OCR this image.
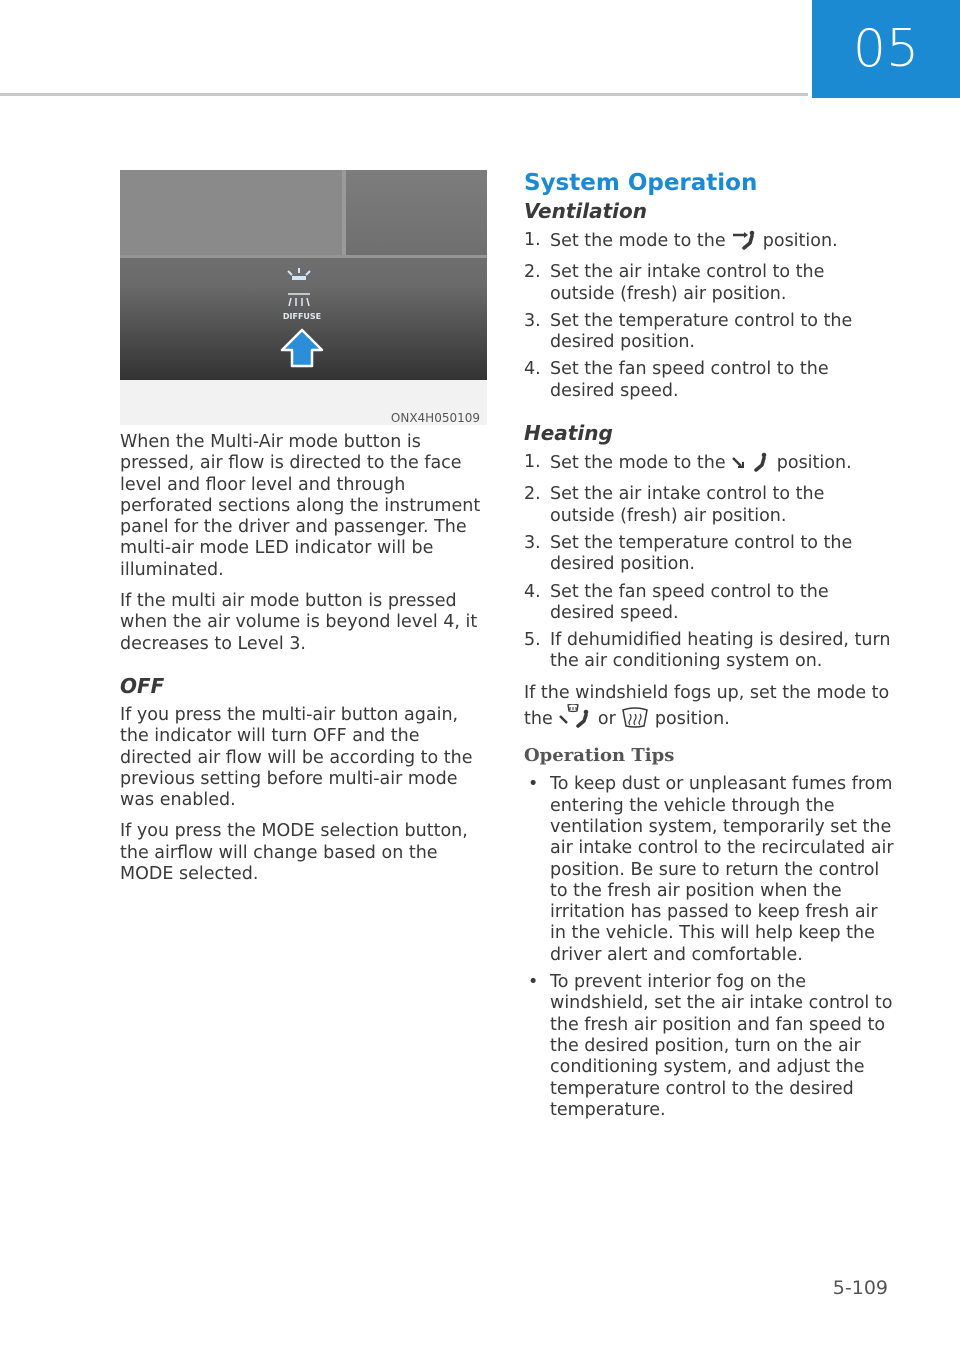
05
DIFFUSE
ONX4H050109

When the Multi-Air mode button is pressed, air flow is directed to the face level and floor level and through perforated sections along the instrument panel for the driver and passenger. The multi-air mode LED indicator will be illuminated.

If the multi air mode button is pressed when the air volume is beyond level 4, it decreases to Level 3.

OFF

If you press the multi-air button again, the indicator will turn OFF and the directed air flow will be according to the previous setting before multi-air mode was enabled.

If you press the MODE selection button, the airflow will change based on the MODE selected.

System Operation
Ventilation
1. Set the mode to the  position.
2. Set the air intake control to the outside (fresh) air position.
3. Set the temperature control to the desired position.
4. Set the fan speed control to the desired speed.
Heating
1. Set the mode to the  position.
2. Set the air intake control to the outside (fresh) air position.
3. Set the temperature control to the desired position.
4. Set the fan speed control to the desired speed.
5. If dehumidified heating is desired, turn the air conditioning system on.

If the windshield fogs up, set the mode to the  or  position.

Operation Tips
• To keep dust or unpleasant fumes from entering the vehicle through the ventilation system, temporarily set the air intake control to the recirculated air position. Be sure to return the control to the fresh air position when the irritation has passed to keep fresh air in the vehicle. This will help keep the driver alert and comfortable.
• To prevent interior fog on the windshield, set the air intake control to the fresh air position and fan speed to the desired position, turn on the air conditioning system, and adjust the temperature control to the desired temperature.
5-109
